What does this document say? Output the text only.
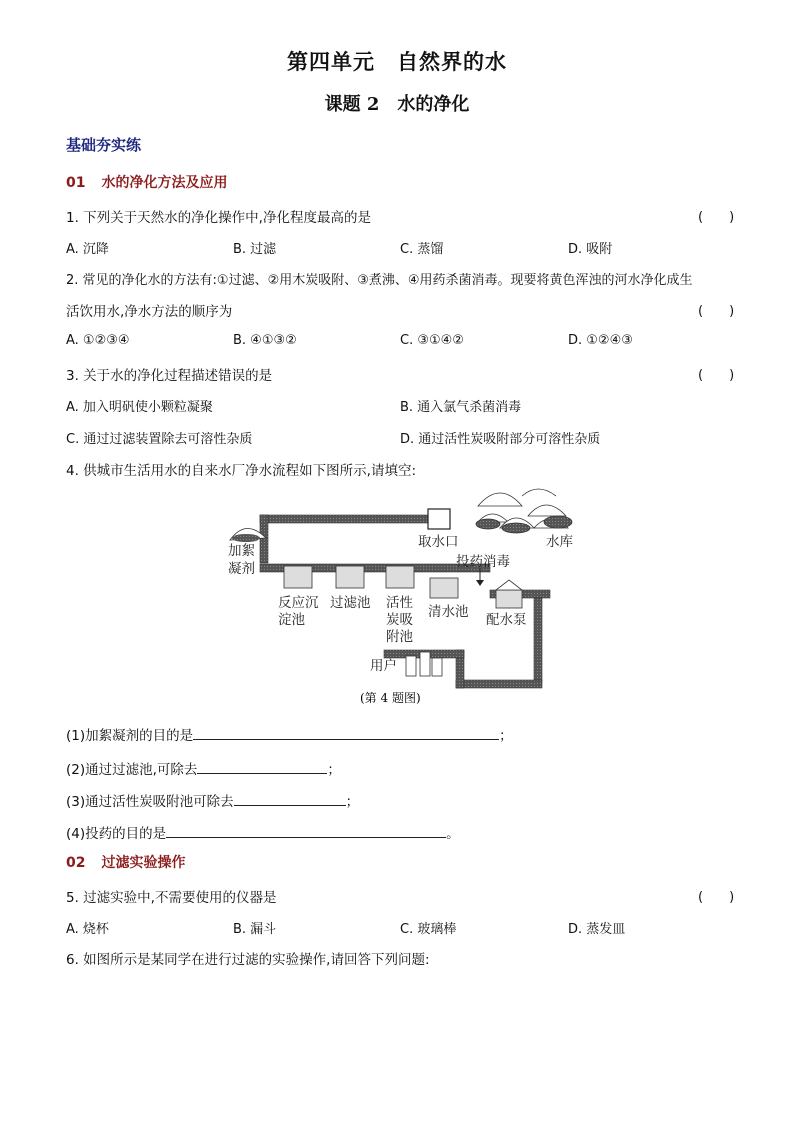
第四单元　自然界的水
课题 2　水的净化
基础夯实练
01 水的净化方法及应用
1. 下列关于天然水的净化操作中,净化程度最高的是	(　　)
A. 沉降	B. 过滤	C. 蒸馏	D. 吸附
2. 常见的净化水的方法有:①过滤、②用木炭吸附、③煮沸、④用药杀菌消毒。现要将黄色浑浊的河水净化成生
活饮用水,净水方法的顺序为	(　　)
A. ①②③④	B. ④①③②	C. ③①④②	D. ①②④③
3. 关于水的净化过程描述错误的是	(　　)
A. 加入明矾使小颗粒凝聚	B. 通入氯气杀菌消毒
C. 通过过滤装置除去可溶性杂质	D. 通过活性炭吸附部分可溶性杂质
4. 供城市生活用水的自来水厂净水流程如下图所示,请填空:
取水口	水库
加絮
凝剂	投药消毒
反应沉
淀池
过滤池 活性
炭吸
附池
清水池 配水泵
用户
(第 4 题图)
(1)加絮凝剂的目的是	；
(2)通过过滤池,可除去	；
(3)通过活性炭吸附池可除去	；
(4)投药的目的是	。
02 过滤实验操作
5. 过滤实验中,不需要使用的仪器是	(　　)
A. 烧杯	B. 漏斗	C. 玻璃棒	D. 蒸发皿
6. 如图所示是某同学在进行过滤的实验操作,请回答下列问题:
